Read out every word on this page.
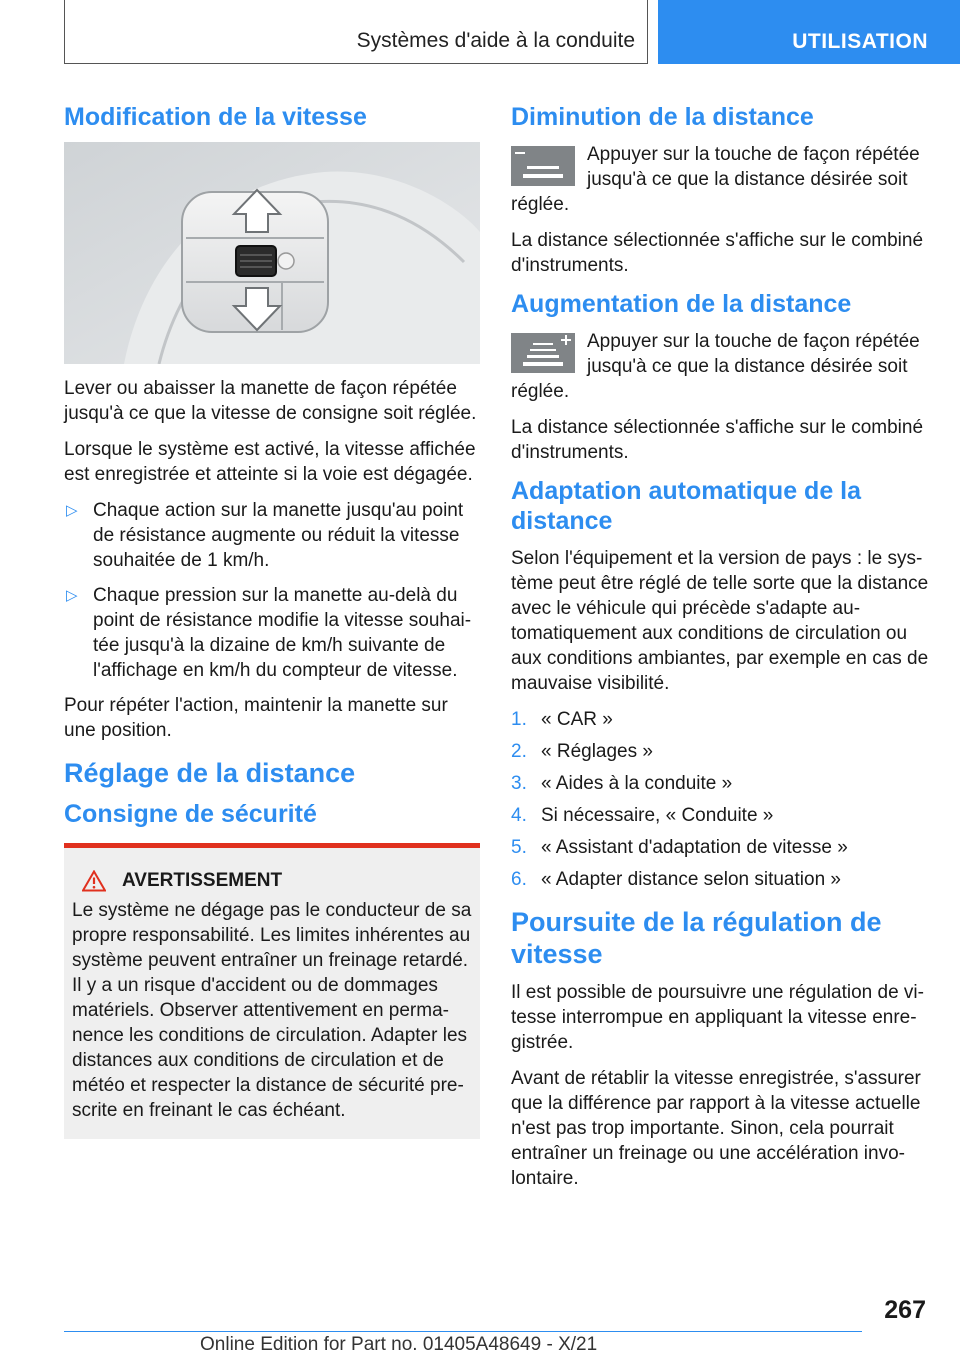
Systèmes d'aide à la conduite	UTILISATION
Modification de la vitesse

Lever ou abaisser la manette de façon répétée jusqu'à ce que la vitesse de consigne soit réglée.

Lorsque le système est activé, la vitesse affichée est enregistrée et atteinte si la voie est dégagée.

▷ Chaque action sur la manette jusqu'au point de résistance augmente ou réduit la vitesse souhaitée de 1 km/h.
▷ Chaque pression sur la manette au-delà du point de résistance modifie la vitesse souhaitée jusqu'à la dizaine de km/h suivante de l'affichage en km/h du compteur de vitesse.

Pour répéter l'action, maintenir la manette sur une position.

Réglage de la distance
Consigne de sécurité
AVERTISSEMENT

Le système ne dégage pas le conducteur de sa propre responsabilité. Les limites inhérentes au système peuvent entraîner un freinage retardé. Il y a un risque d'accident ou de dommages matériels. Observer attentivement en permanence les conditions de circulation. Adapter les distances aux conditions de circulation et de météo et respecter la distance de sécurité prescrite en freinant le cas échéant.

Diminution de la distance
Appuyer sur la touche de façon répétée jusqu'à ce que la distance désirée soit réglée.

La distance sélectionnée s'affiche sur le combiné d'instruments.

Augmentation de la distance
Appuyer sur la touche de façon répétée jusqu'à ce que la distance désirée soit réglée.

La distance sélectionnée s'affiche sur le combiné d'instruments.

Adaptation automatique de la distance

Selon l'équipement et la version de pays : le système peut être réglé de telle sorte que la distance avec le véhicule qui précède s'adapte automatiquement aux conditions de circulation ou aux conditions ambiantes, par exemple en cas de mauvaise visibilité.

1. « CAR »
2. « Réglages »
3. « Aides à la conduite »
4. Si nécessaire, « Conduite »
5. « Assistant d'adaptation de vitesse »
6. « Adapter distance selon situation »
Poursuite de la régulation de vitesse

Il est possible de poursuivre une régulation de vitesse interrompue en appliquant la vitesse enregistrée.

Avant de rétablir la vitesse enregistrée, s'assurer que la différence par rapport à la vitesse actuelle n'est pas trop importante. Sinon, cela pourrait entraîner un freinage ou une accélération involontaire.

267
Online Edition for Part no. 01405A48649 - X/21
